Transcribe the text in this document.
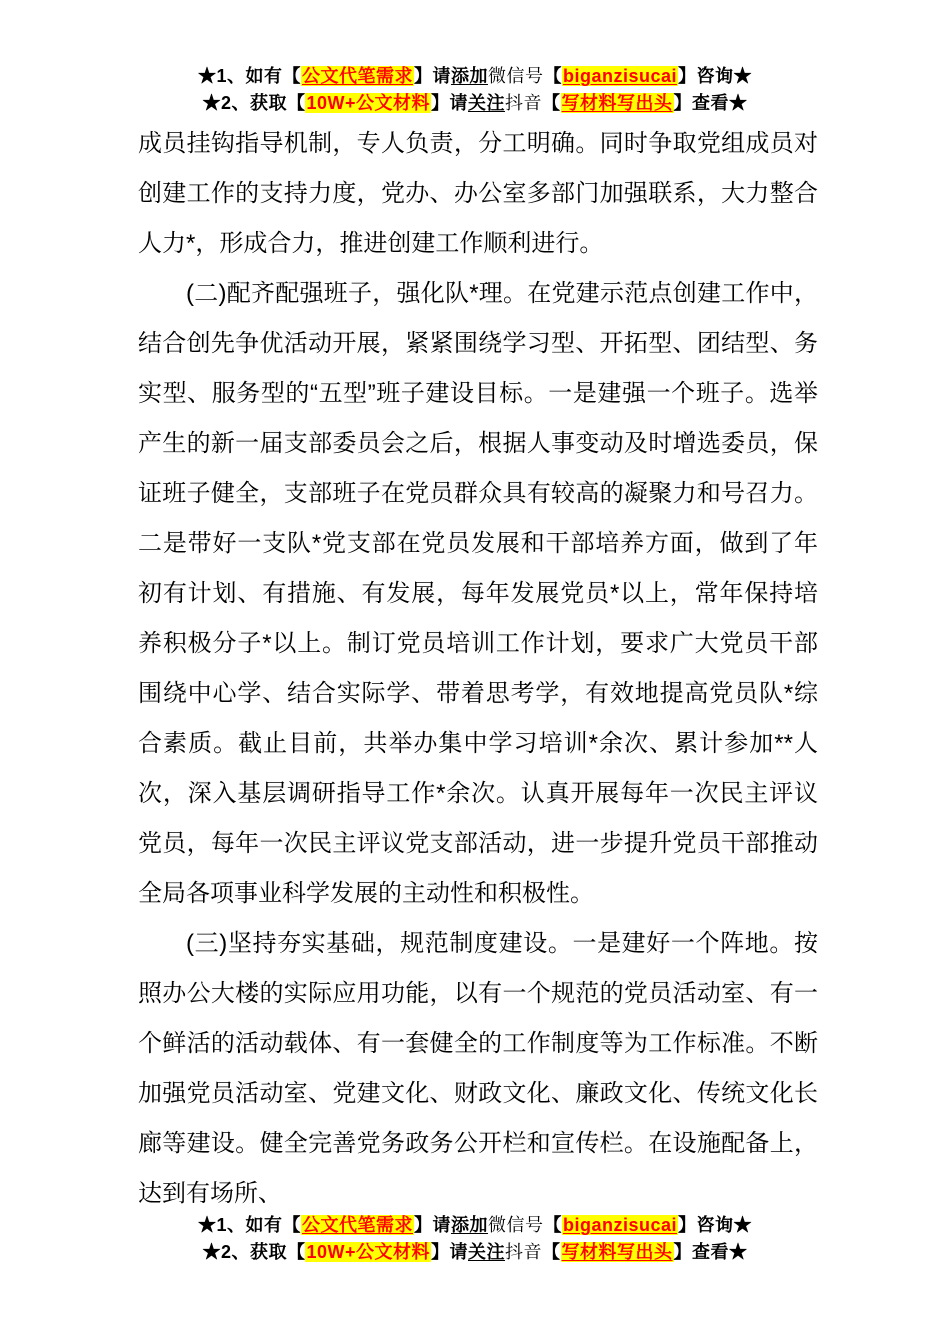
★1、如有【公文代笔需求】请添加微信号【biganzisucai】咨询★
★2、获取【10W+公文材料】请关注抖音【写材料写出头】查看★

成员挂钩指导机制，专人负责，分工明确。同时争取党组成员对创建工作的支持力度，党办、办公室多部门加强联系，大力整合人力*，形成合力，推进创建工作顺利进行。

(二)配齐配强班子，强化队*理。在党建示范点创建工作中，结合创先争优活动开展，紧紧围绕学习型、开拓型、团结型、务实型、服务型的“五型”班子建设目标。一是建强一个班子。选举产生的新一届支部委员会之后，根据人事变动及时增选委员，保证班子健全，支部班子在党员群众具有较高的凝聚力和号召力。二是带好一支队*党支部在党员发展和干部培养方面，做到了年初有计划、有措施、有发展，每年发展党员*以上，常年保持培养积极分子*以上。制订党员培训工作计划，要求广大党员干部围绕中心学、结合实际学、带着思考学，有效地提高党员队*综合素质。截止目前，共举办集中学习培训*余次、累计参加**人次，深入基层调研指导工作*余次。认真开展每年一次民主评议党员，每年一次民主评议党支部活动，进一步提升党员干部推动全局各项事业科学发展的主动性和积极性。

(三)坚持夯实基础，规范制度建设。一是建好一个阵地。按照办公大楼的实际应用功能，以有一个规范的党员活动室、有一个鲜活的活动载体、有一套健全的工作制度等为工作标准。不断加强党员活动室、党建文化、财政文化、廉政文化、传统文化长廊等建设。健全完善党务政务公开栏和宣传栏。在设施配备上，达到有场所、

★1、如有【公文代笔需求】请添加微信号【biganzisucai】咨询★
★2、获取【10W+公文材料】请关注抖音【写材料写出头】查看★
